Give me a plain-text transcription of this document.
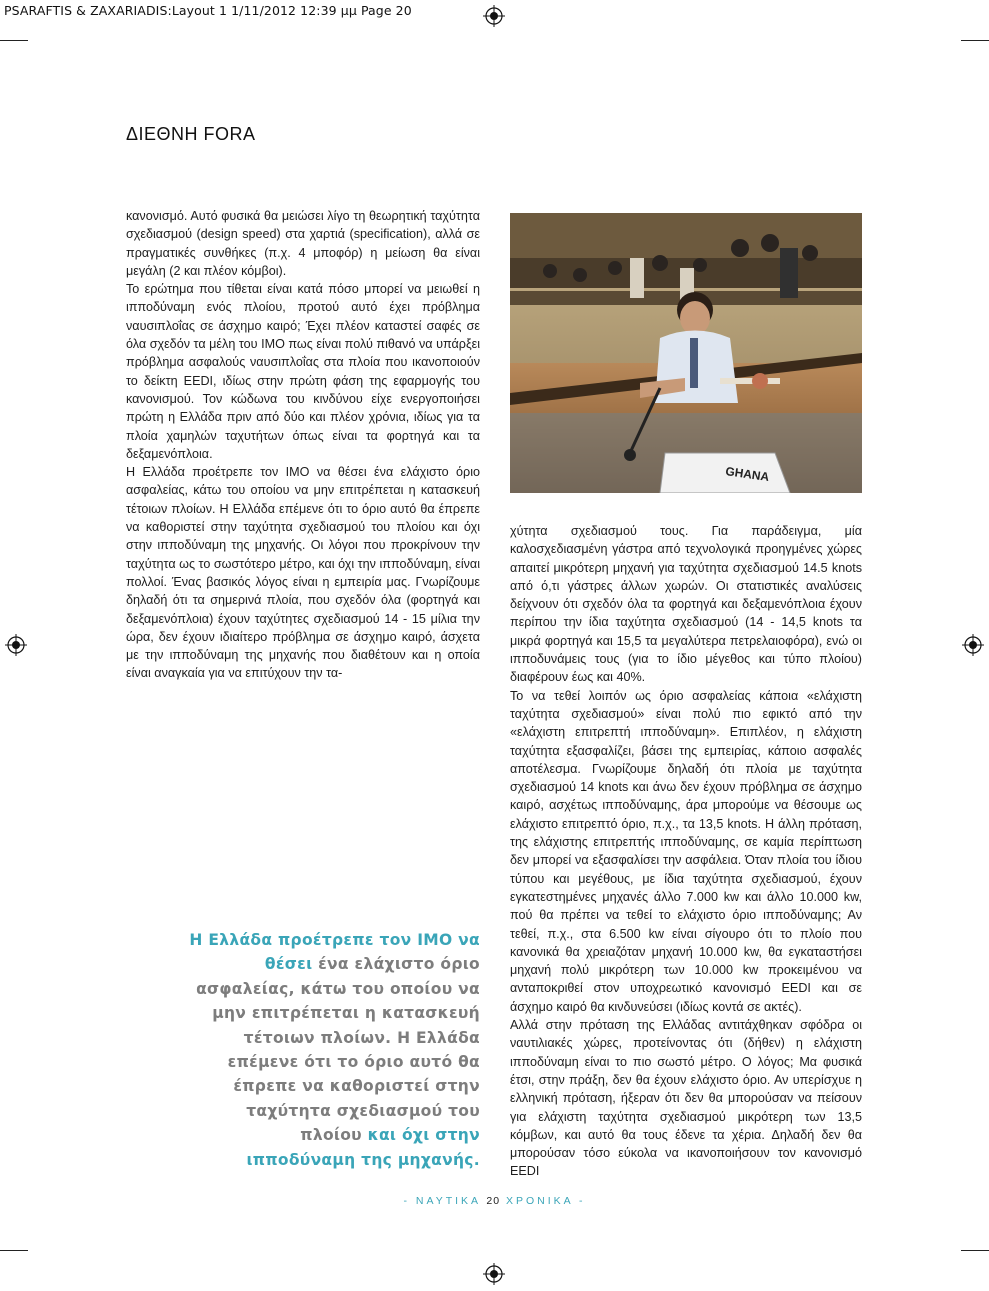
PSARAFTIS & ZAXARIADIS:Layout 1 1/11/2012 12:39 μμ Page 20
ΔΙΕΘΝΗ FORA

κανονισμό. Αυτό φυσικά θα μειώσει λίγο τη θεωρητική ταχύτητα σχεδιασμού (design speed) στα χαρτιά (specification), αλλά σε πραγματικές συνθήκες (π.χ. 4 μποφόρ) η μείωση θα είναι μεγάλη (2 και πλέον κόμβοι).

Το ερώτημα που τίθεται είναι κατά πόσο μπορεί να μειωθεί η ιπποδύναμη ενός πλοίου, προτού αυτό έχει πρόβλημα ναυσιπλοΐας σε άσχημο καιρό; Έχει πλέον καταστεί σαφές σε όλα σχεδόν τα μέλη του IMO πως είναι πολύ πιθανό να υπάρξει πρόβλημα ασφαλούς ναυσιπλοΐας στα πλοία που ικανοποιούν το δείκτη EEDI, ιδίως στην πρώτη φάση της εφαρμογής του κανονισμού. Τον κώδωνα του κινδύνου είχε ενεργοποιήσει πρώτη η Ελλάδα πριν από δύο και πλέον χρόνια, ιδίως για τα πλοία χαμηλών ταχυτήτων όπως είναι τα φορτηγά και τα δεξαμενόπλοια.

Η Ελλάδα προέτρεπε τον IMO να θέσει ένα ελάχιστο όριο ασφαλείας, κάτω του οποίου να μην επιτρέπεται η κατασκευή τέτοιων πλοίων. Η Ελλάδα επέμενε ότι το όριο αυτό θα έπρεπε να καθοριστεί στην ταχύτητα σχεδιασμού του πλοίου και όχι στην ιπποδύναμη της μηχανής. Οι λόγοι που προκρίνουν την ταχύτητα ως το σωστότερο μέτρο, και όχι την ιπποδύναμη, είναι πολλοί. Ένας βασικός λόγος είναι η εμπειρία μας. Γνωρίζουμε δηλαδή ότι τα σημερινά πλοία, που σχεδόν όλα (φορτηγά και δεξαμενόπλοια) έχουν ταχύτητες σχεδιασμού 14 - 15 μίλια την ώρα, δεν έχουν ιδιαίτερο πρόβλημα σε άσχημο καιρό, άσχετα με την ιπποδύναμη της μηχανής που διαθέτουν και η οποία είναι αναγκαία για να επιτύχουν την τα-

GHANA

χύτητα σχεδιασμού τους. Για παράδειγμα, μία καλοσχεδιασμένη γάστρα από τεχνολογικά προηγμένες χώρες απαιτεί μικρότερη μηχανή για ταχύτητα σχεδιασμού 14.5 knots από ό,τι γάστρες άλλων χωρών. Οι στατιστικές αναλύσεις δείχνουν ότι σχεδόν όλα τα φορτηγά και δεξαμενόπλοια έχουν περίπου την ίδια ταχύτητα σχεδιασμού (14 - 14,5 knots τα μικρά φορτηγά και 15,5 τα μεγαλύτερα πετρελαιοφόρα), ενώ οι ιπποδυνάμεις τους (για το ίδιο μέγεθος και τύπο πλοίου) διαφέρουν έως και 40%.

Το να τεθεί λοιπόν ως όριο ασφαλείας κάποια «ελάχιστη ταχύτητα σχεδιασμού» είναι πολύ πιο εφικτό από την «ελάχιστη επιτρεπτή ιπποδύναμη». Επιπλέον, η ελάχιστη ταχύτητα εξασφαλίζει, βάσει της εμπειρίας, κάποιο ασφαλές αποτέλεσμα. Γνωρίζουμε δηλαδή ότι πλοία με ταχύτητα σχεδιασμού 14 knots και άνω δεν έχουν πρόβλημα σε άσχημο καιρό, ασχέτως ιπποδύναμης, άρα μπορούμε να θέσουμε ως ελάχιστο επιτρεπτό όριο, π.χ., τα 13,5 knots. Η άλλη πρόταση, της ελάχιστης επιτρεπτής ιπποδύναμης, σε καμία περίπτωση δεν μπορεί να εξασφαλίσει την ασφάλεια. Όταν πλοία του ίδιου τύπου και μεγέθους, με ίδια ταχύτητα σχεδιασμού, έχουν εγκατεστημένες μηχανές άλλο 7.000 kw και άλλο 10.000 kw, πού θα πρέπει να τεθεί το ελάχιστο όριο ιπποδύναμης; Αν τεθεί, π.χ., στα 6.500 kw είναι σίγουρο ότι το πλοίο που κανονικά θα χρειαζόταν μηχανή 10.000 kw, θα εγκαταστήσει μηχανή πολύ μικρότερη των 10.000 kw προκειμένου να ανταποκριθεί στον υποχρεωτικό κανονισμό EEDI και σε άσχημο καιρό θα κινδυνεύσει (ιδίως κοντά σε ακτές).

Αλλά στην πρόταση της Ελλάδας αντιτάχθηκαν σφόδρα οι ναυτιλιακές χώρες, προτείνοντας ότι (δήθεν) η ελάχιστη ιπποδύναμη είναι το πιο σωστό μέτρο. Ο λόγος; Μα φυσικά έτσι, στην πράξη, δεν θα έχουν ελάχιστο όριο. Αν υπερίσχυε η ελληνική πρόταση, ήξεραν ότι δεν θα μπορούσαν να πείσουν για ελάχιστη ταχύτητα σχεδιασμού μικρότερη των 13,5 κόμβων, και αυτό θα τους έδενε τα χέρια. Δηλαδή δεν θα μπορούσαν τόσο εύκολα να ικανοποιήσουν τον κανονισμό EEDI

Η Ελλάδα προέτρεπε τον ΙΜΟ να θέσει ένα ελάχιστο όριο ασφαλείας, κάτω του οποίου να μην επιτρέπεται η κατασκευή τέτοιων πλοίων. Η Ελλάδα επέμενε ότι το όριο αυτό θα έπρεπε να καθοριστεί στην ταχύτητα σχεδιασμού του πλοίου και όχι στην ιπποδύναμη της μηχανής.
- ΝΑΥΤΙΚΑ 20 ΧΡΟΝΙΚΑ -
